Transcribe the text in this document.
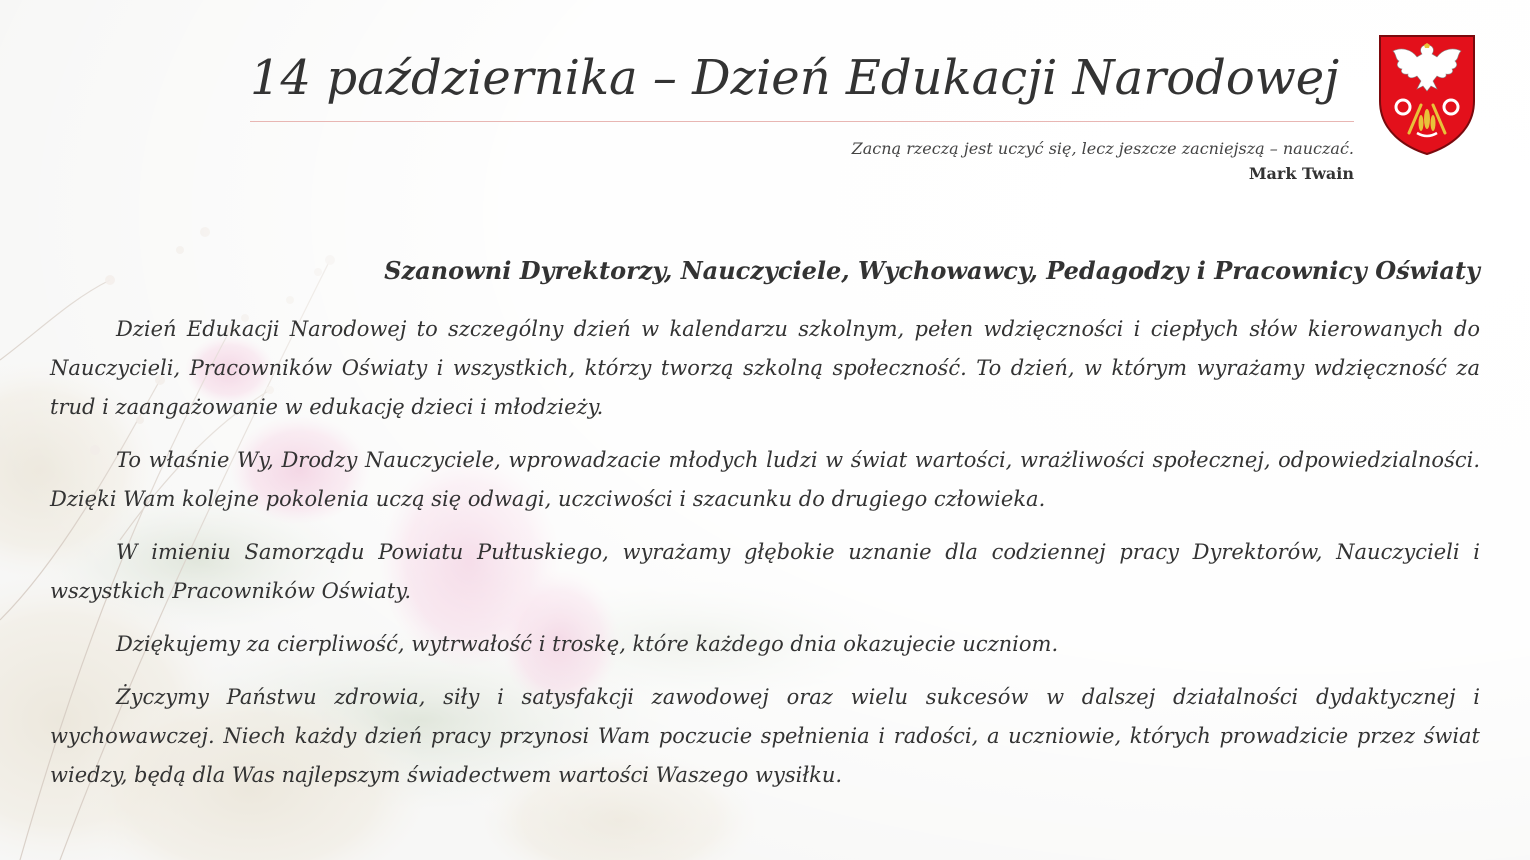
14 października – Dzień Edukacji Narodowej

Zacną rzeczą jest uczyć się, lecz jeszcze zacniejszą – nauczać.

Mark Twain

Szanowni Dyrektorzy, Nauczyciele, Wychowawcy, Pedagodzy i Pracownicy Oświaty

Dzień Edukacji Narodowej to szczególny dzień w kalendarzu szkolnym, pełen wdzięczności i ciepłych słów kierowanych do Nauczycieli, Pracowników Oświaty i wszystkich, którzy tworzą szkolną społeczność. To dzień, w którym wyrażamy wdzięczność za trud i zaangażowanie w edukację dzieci i młodzieży.

To właśnie Wy, Drodzy Nauczyciele, wprowadzacie młodych ludzi w świat wartości, wrażliwości społecznej, odpowiedzialności. Dzięki Wam kolejne pokolenia uczą się odwagi, uczciwości i szacunku do drugiego człowieka.

W imieniu Samorządu Powiatu Pułtuskiego, wyrażamy głębokie uznanie dla codziennej pracy Dyrektorów, Nauczycieli i wszystkich Pracowników Oświaty.

Dziękujemy za cierpliwość, wytrwałość i troskę, które każdego dnia okazujecie uczniom.

Życzymy Państwu zdrowia, siły i satysfakcji zawodowej oraz wielu sukcesów w dalszej działalności dydaktycznej i wychowawczej. Niech każdy dzień pracy przynosi Wam poczucie spełnienia i radości, a uczniowie, których prowadzicie przez świat wiedzy, będą dla Was najlepszym świadectwem wartości Waszego wysiłku.
